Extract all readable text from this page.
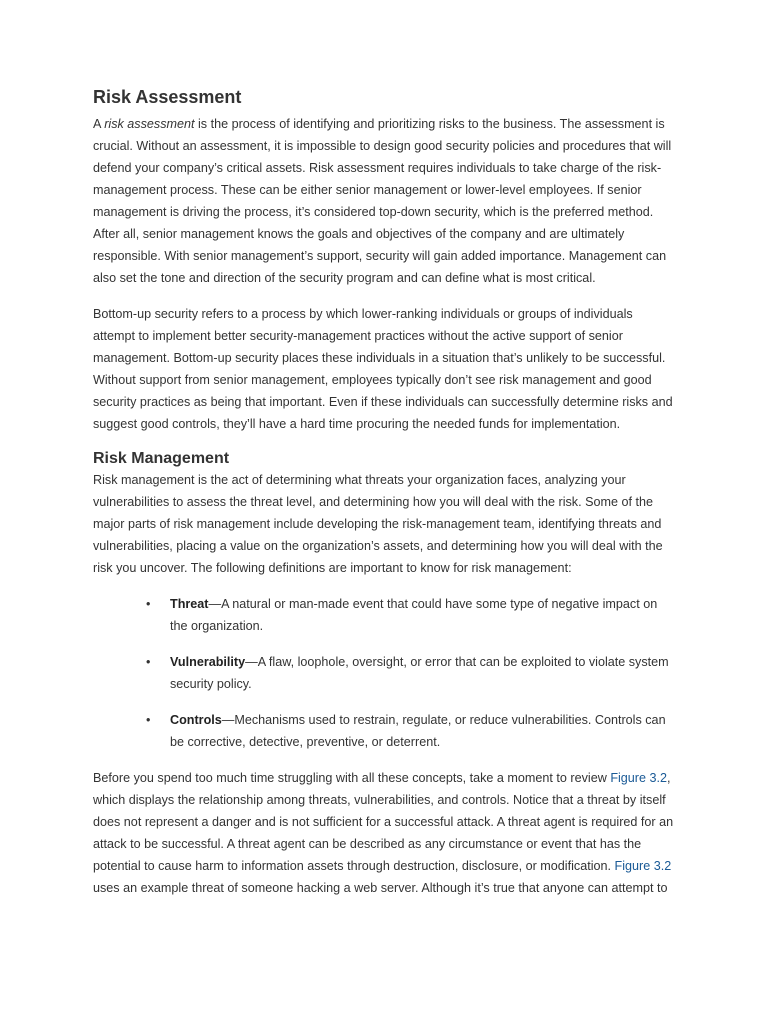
Risk Assessment

A risk assessment is the process of identifying and prioritizing risks to the business. The assessment is crucial. Without an assessment, it is impossible to design good security policies and procedures that will defend your company’s critical assets. Risk assessment requires individuals to take charge of the risk-management process. These can be either senior management or lower-level employees. If senior management is driving the process, it’s considered top-down security, which is the preferred method. After all, senior management knows the goals and objectives of the company and are ultimately responsible. With senior management’s support, security will gain added importance. Management can also set the tone and direction of the security program and can define what is most critical.

Bottom-up security refers to a process by which lower-ranking individuals or groups of individuals attempt to implement better security-management practices without the active support of senior management. Bottom-up security places these individuals in a situation that’s unlikely to be successful. Without support from senior management, employees typically don’t see risk management and good security practices as being that important. Even if these individuals can successfully determine risks and suggest good controls, they’ll have a hard time procuring the needed funds for implementation.

Risk Management

Risk management is the act of determining what threats your organization faces, analyzing your vulnerabilities to assess the threat level, and determining how you will deal with the risk. Some of the major parts of risk management include developing the risk-management team, identifying threats and vulnerabilities, placing a value on the organization’s assets, and determining how you will deal with the risk you uncover. The following definitions are important to know for risk management:

• Threat—A natural or man-made event that could have some type of negative impact on the organization.
• Vulnerability—A flaw, loophole, oversight, or error that can be exploited to violate system security policy.
• Controls—Mechanisms used to restrain, regulate, or reduce vulnerabilities. Controls can be corrective, detective, preventive, or deterrent.

Before you spend too much time struggling with all these concepts, take a moment to review Figure 3.2, which displays the relationship among threats, vulnerabilities, and controls. Notice that a threat by itself does not represent a danger and is not sufficient for a successful attack. A threat agent is required for an attack to be successful. A threat agent can be described as any circumstance or event that has the potential to cause harm to information assets through destruction, disclosure, or modification. Figure 3.2 uses an example threat of someone hacking a web server. Although it’s true that anyone can attempt to
